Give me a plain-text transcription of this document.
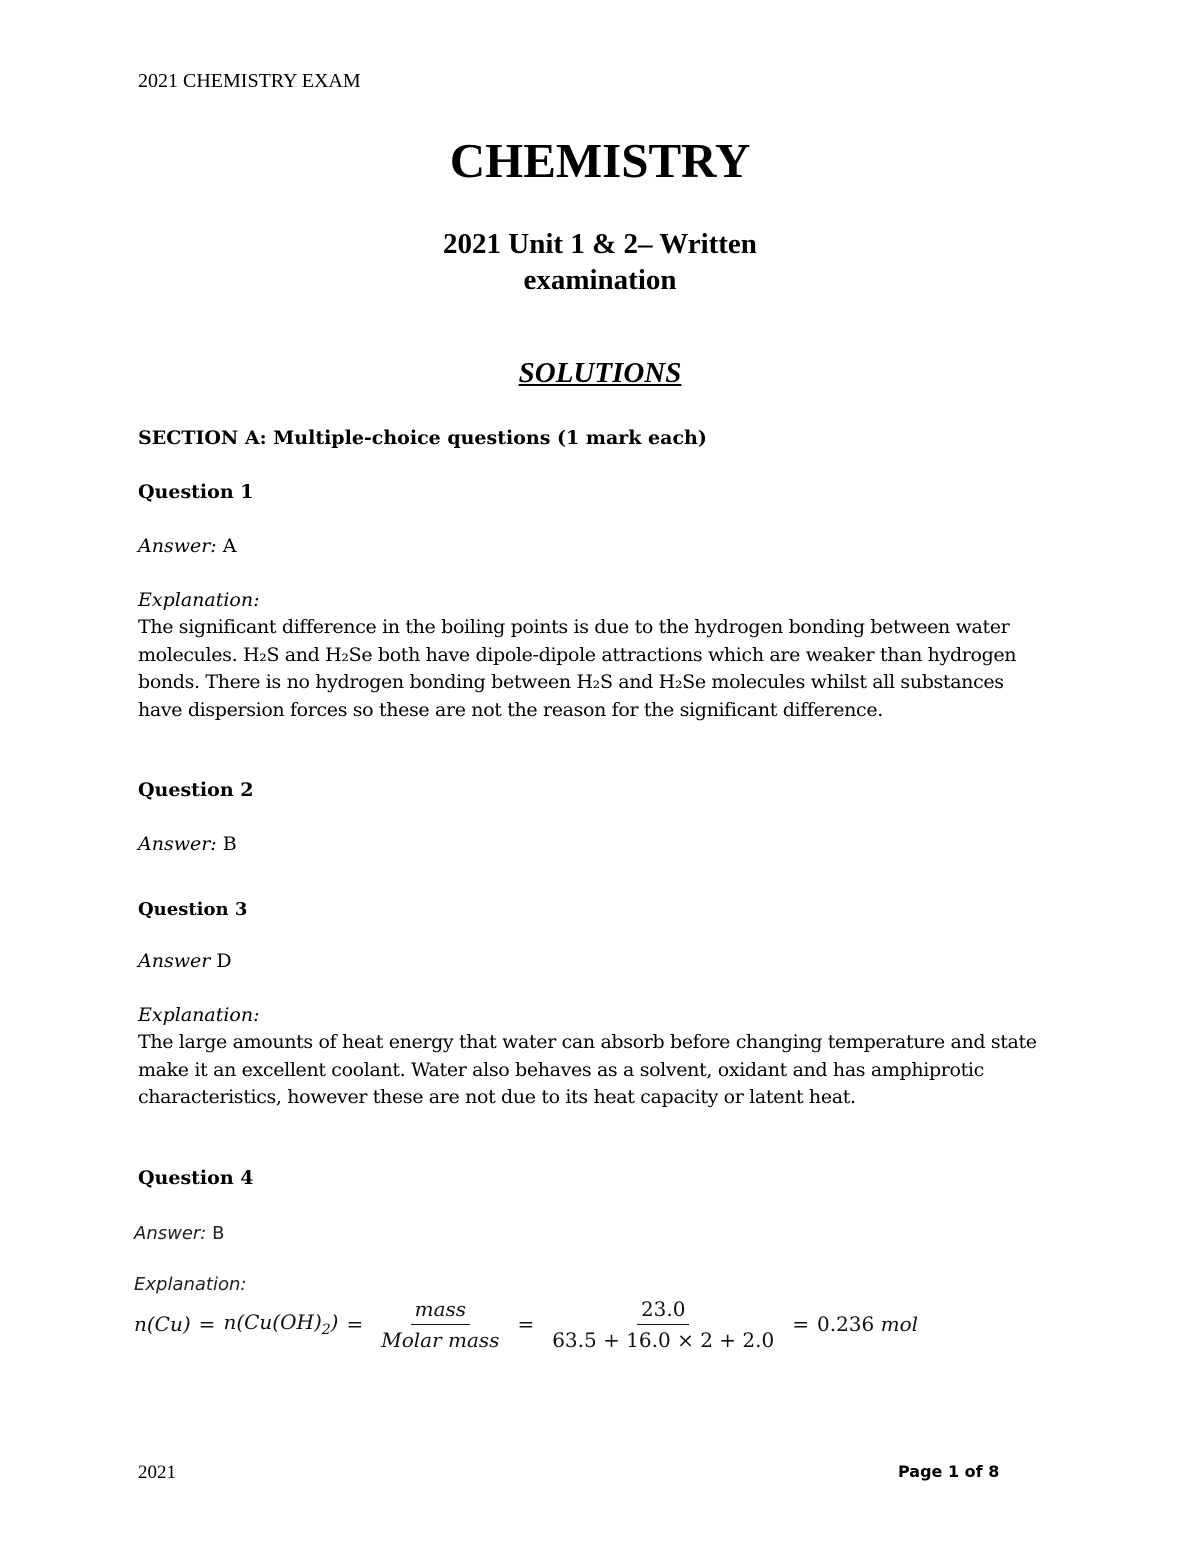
2021 CHEMISTRY EXAM
CHEMISTRY
2021 Unit 1 & 2– Written
examination
SOLUTIONS
SECTION A: Multiple-choice questions (1 mark each)
Question 1
Answer: A
Explanation:
The significant difference in the boiling points is due to the hydrogen bonding between water
molecules. H₂S and H₂Se both have dipole-dipole attractions which are weaker than hydrogen
bonds. There is no hydrogen bonding between H₂S and H₂Se molecules whilst all substances
have dispersion forces so these are not the reason for the significant difference.
Question 2
Answer: B
Question 3
Answer D
Explanation:
The large amounts of heat energy that water can absorb before changing temperature and state
make it an excellent coolant. Water also behaves as a solvent, oxidant and has amphiprotic
characteristics, however these are not due to its heat capacity or latent heat.
Question 4
Answer: B
Explanation:
$n(Cu) = n(Cu(OH)_2) = \frac{\text{mass}}{\text{Molar mass}} = \frac{23.0}{63.5 + 16.0 \times 2 + 2.0} = 0.236$
mol
2021	Page 1 of 8
